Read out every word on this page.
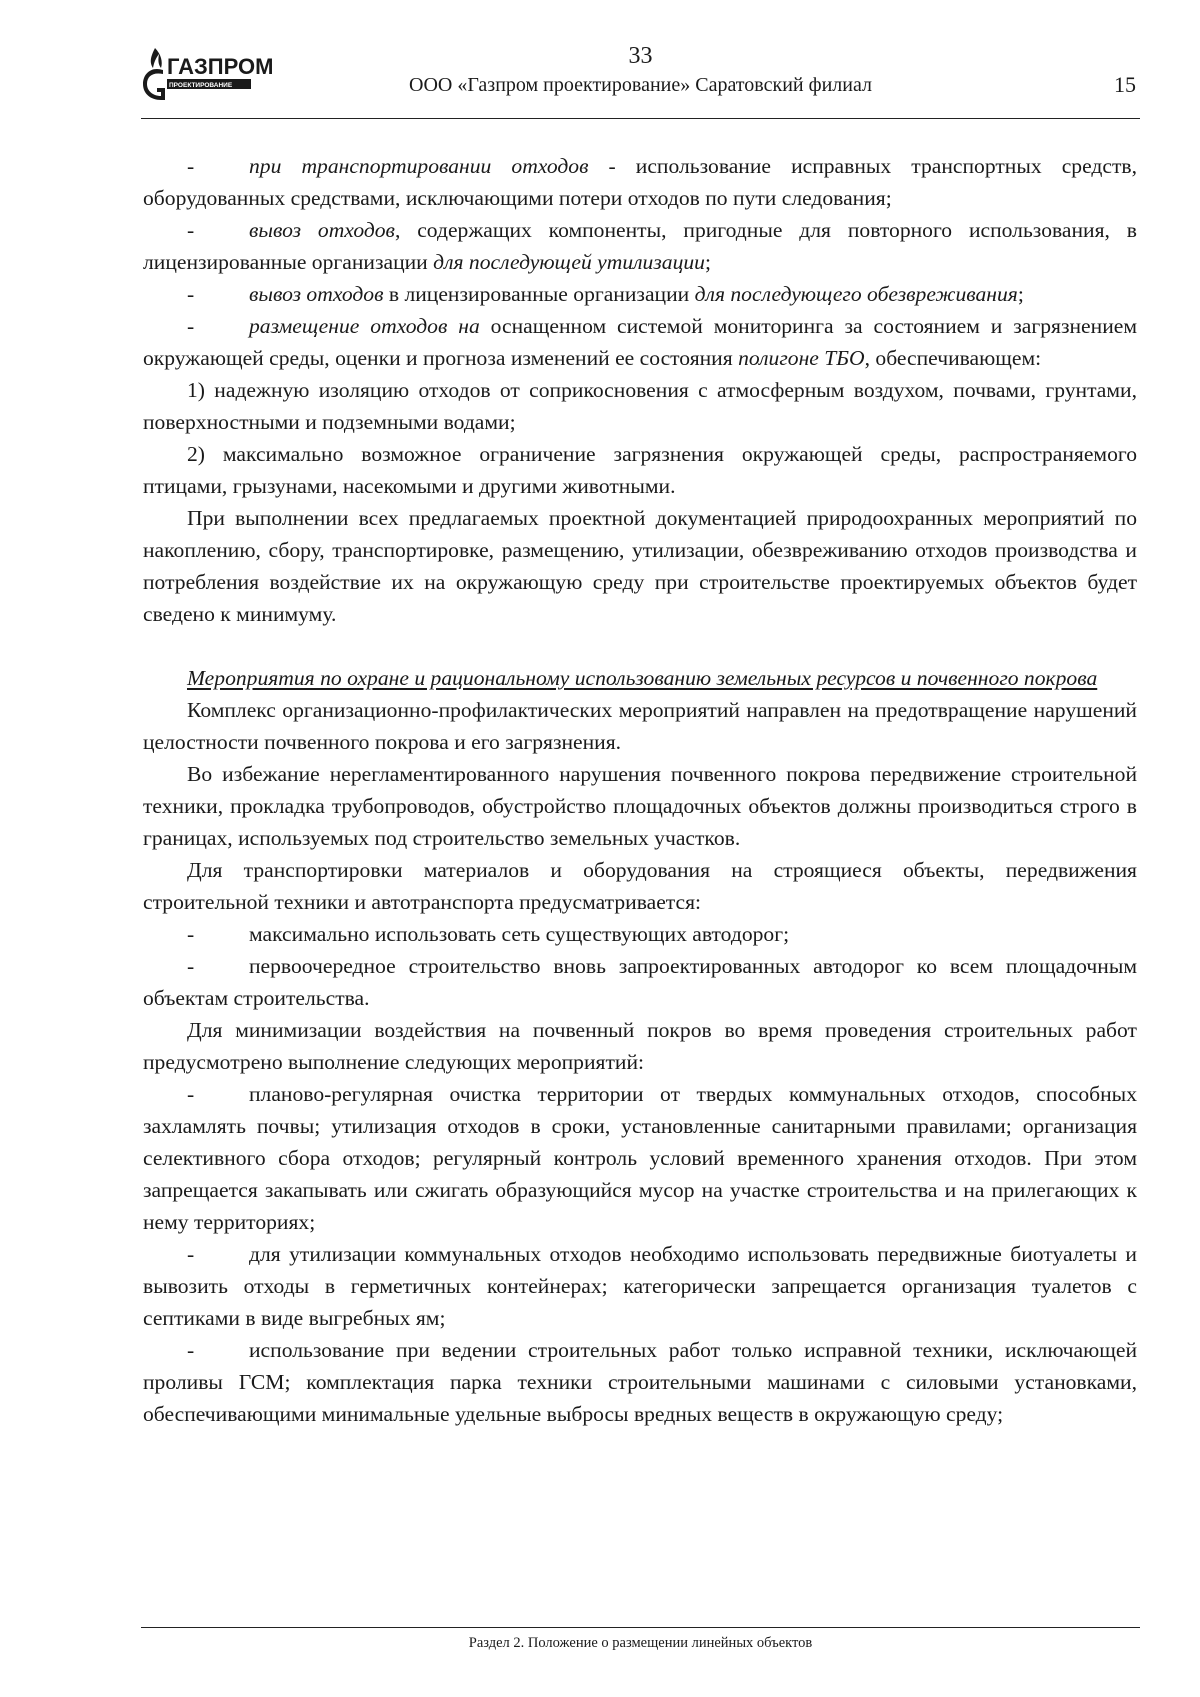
ГАЗПРОМ
ПРОЕКТИРОВАНИЕ
33
ООО «Газпром проектирование» Саратовский филиал	15

-	при транспортировании отходов - использование исправных транспортных средств, оборудованных средствами, исключающими потери отходов по пути следования;

-	вывоз отходов, содержащих компоненты, пригодные для повторного использования, в лицензированные организации для последующей утилизации;

-	вывоз отходов в лицензированные организации для последующего обезвреживания;

-	размещение отходов на оснащенном системой мониторинга за состоянием и загрязнением окружающей среды, оценки и прогноза изменений ее состояния полигоне ТБО, обеспечивающем:

1) надежную изоляцию отходов от соприкосновения с атмосферным воздухом, почвами, грунтами, поверхностными и подземными водами;

2) максимально возможное ограничение загрязнения окружающей среды, распространяемого птицами, грызунами, насекомыми и другими животными.

При выполнении всех предлагаемых проектной документацией природоохранных мероприятий по накоплению, сбору, транспортировке, размещению, утилизации, обезвреживанию отходов производства и потребления воздействие их на окружающую среду при строительстве проектируемых объектов будет сведено к минимуму.

Мероприятия по охране и рациональному использованию земельных ресурсов и почвенного покрова

Комплекс организационно-профилактических мероприятий направлен на предотвращение нарушений целостности почвенного покрова и его загрязнения.

Во избежание нерегламентированного нарушения почвенного покрова передвижение строительной техники, прокладка трубопроводов, обустройство площадочных объектов должны производиться строго в границах, используемых под строительство земельных участков.

Для транспортировки материалов и оборудования на строящиеся объекты, передвижения строительной техники и автотранспорта предусматривается:

-	максимально использовать сеть существующих автодорог;

-	первоочередное строительство вновь запроектированных автодорог ко всем площадочным объектам строительства.

Для минимизации воздействия на почвенный покров во время проведения строительных работ предусмотрено выполнение следующих мероприятий:

-	планово-регулярная очистка территории от твердых коммунальных отходов, способных захламлять почвы; утилизация отходов в сроки, установленные санитарными правилами; организация селективного сбора отходов; регулярный контроль условий временного хранения отходов. При этом запрещается закапывать или сжигать образующийся мусор на участке строительства и на прилегающих к нему территориях;

-	для утилизации коммунальных отходов необходимо использовать передвижные биотуалеты и вывозить отходы в герметичных контейнерах; категорически запрещается организация туалетов с септиками в виде выгребных ям;

-	использование при ведении строительных работ только исправной техники, исключающей проливы ГСМ; комплектация парка техники строительными машинами с силовыми установками, обеспечивающими минимальные удельные выбросы вредных веществ в окружающую среду;

Раздел 2. Положение о размещении линейных объектов
